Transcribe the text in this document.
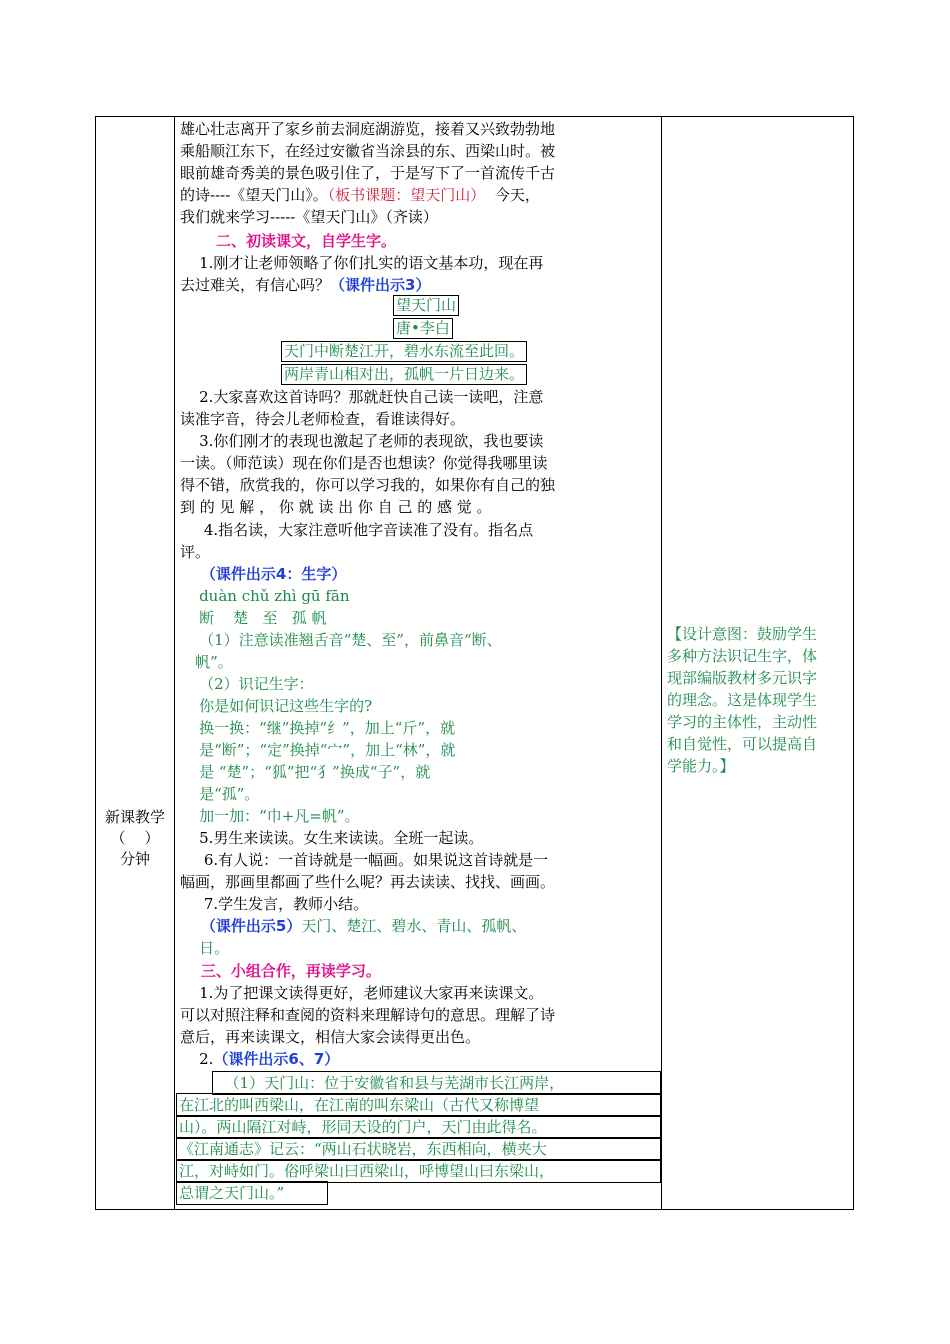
新课教学
（    ）
分钟
雄心壮志离开了家乡前去洞庭湖游览，接着又兴致勃勃地
乘船顺江东下，在经过安徽省当涂县的东、西梁山时。被
眼前雄奇秀美的景色吸引住了，于是写下了一首流传千古
的诗----《望天门山》。（板书课题：望天门山）  今天，
我们就来学习-----《望天门山》（齐读）
二、初读课文，自学生字。
1.刚才让老师领略了你们扎实的语文基本功，现在再
去过难关，有信心吗？（课件出示3）
望天门山
唐•李白
天门中断楚江开，碧水东流至此回。
两岸青山相对出，孤帆一片日边来。
2.大家喜欢这首诗吗？那就赶快自己读一读吧，注意
读准字音，待会儿老师检查，看谁读得好。
3.你们刚才的表现也激起了老师的表现欲，我也要读
一读。（师范读）现在你们是否也想读？你觉得我哪里读
得不错，欣赏我的，你可以学习我的，如果你有自己的独
到 的 见 解 ， 你 就 读 出 你 自 己 的 感 觉 。
4.指名读，大家注意听他字音读准了没有。指名点
评。
（课件出示4：生字）
duàn chǔ zhì gū fān
断    楚   至   孤 帆
（1）注意读准翘舌音“楚、至”，前鼻音“断、
帆”。
（2）识记生字：
你是如何识记这些生字的?
换一换：“继”换掉“纟”，加上“斤”，就
是“断”；“定”换掉“宀”，加上“林”，就
是 “楚”；“狐”把“犭”换成“子”，就
是“孤”。
加一加：“巾+凡=帆”。
5.男生来读读。女生来读读。全班一起读。
6.有人说：一首诗就是一幅画。如果说这首诗就是一
幅画，那画里都画了些什么呢？再去读读、找找、画画。
7.学生发言，教师小结。
（课件出示5）天门、楚江、碧水、青山、孤帆、
日。
三、小组合作，再读学习。
1.为了把课文读得更好，老师建议大家再来读课文。
可以对照注释和查阅的资料来理解诗句的意思。理解了诗
意后，再来读课文，相信大家会读得更出色。
2.（课件出示6、7）
（1）天门山：位于安徽省和县与芜湖市长江两岸，
在江北的叫西梁山，在江南的叫东梁山（古代又称博望
山）。两山隔江对峙，形同天设的门户，天门由此得名。
《江南通志》记云：“两山石状晓岩，东西相向，横夹大
江，对峙如门。俗呼梁山曰西梁山，呼博望山曰东梁山，
总谓之天门山。”
【设计意图：鼓励学生
多种方法识记生字，体
现部编版教材多元识字
的理念。这是体现学生
学习的主体性，主动性
和自觉性，可以提高自
学能力。】
